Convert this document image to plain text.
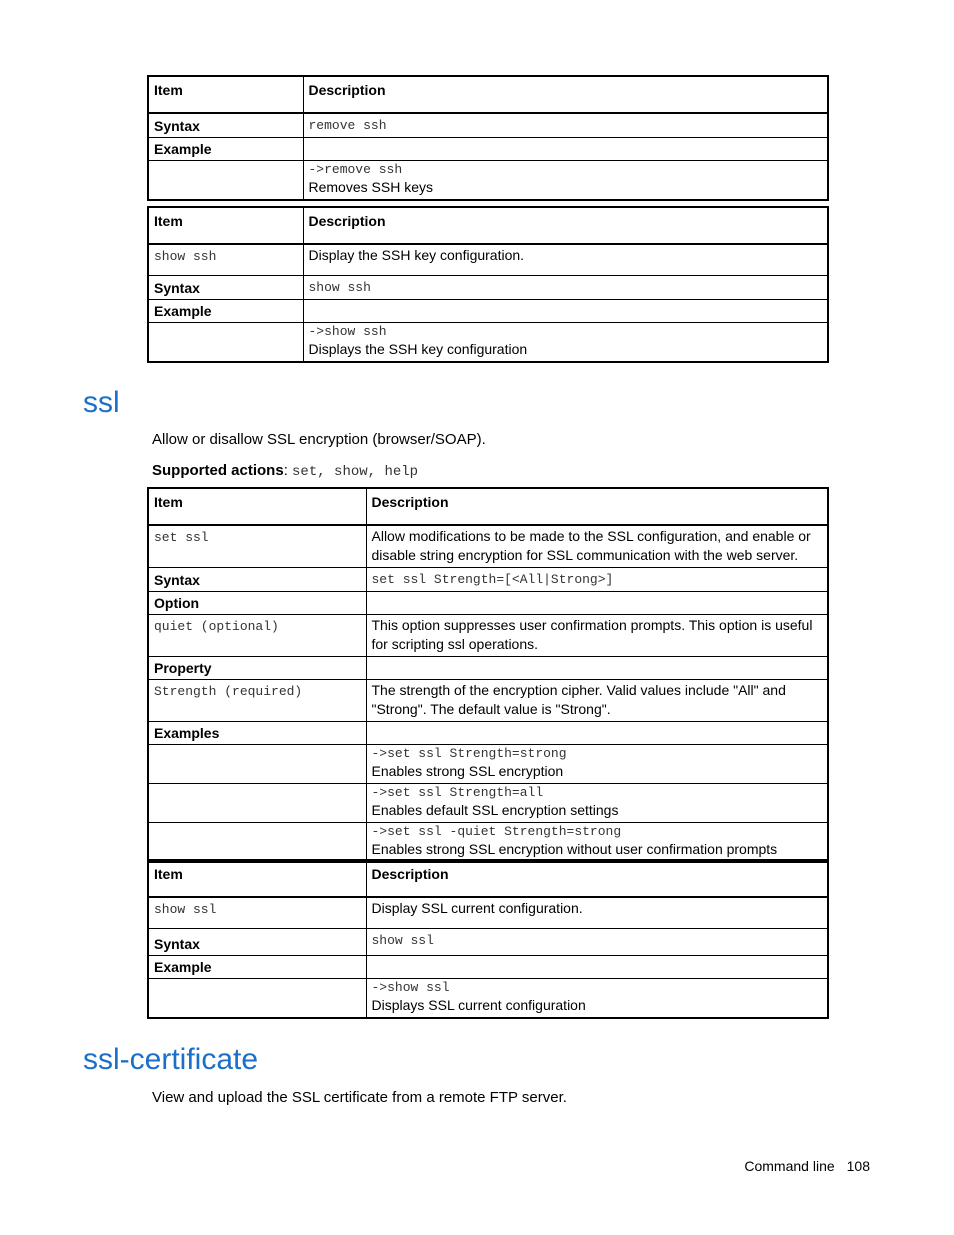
Item	Description
Syntax	remove ssh
Example	

	->remove ssh
Removes SSH keys
Item	Description
show ssh	Display the SSH key configuration.
Syntax	show ssh
Example	

	->show ssh
Displays the SSH key configuration
ssl

Allow or disallow SSL encryption (browser/SOAP).

Supported actions: set, show, help

Item	Description
set ssl	Allow modifications to be made to the SSL configuration, and enable or disable string encryption for SSL communication with the web server.
Syntax	set ssl Strength=[<All|Strong>]
Option	
quiet (optional)	This option suppresses user confirmation prompts. This option is useful for scripting ssl operations.
Property	
Strength (required)	The strength of the encryption cipher. Valid values include "All" and "Strong". The default value is "Strong".
Examples	

	->set ssl Strength=strong
Enables strong SSL encryption

	->set ssl Strength=all
Enables default SSL encryption settings

	->set ssl -quiet Strength=strong
Enables strong SSL encryption without user confirmation prompts
Item	Description
show ssl	Display SSL current configuration.
Syntax	show ssl
Example	

	->show ssl
Displays SSL current configuration
ssl-certificate

View and upload the SSL certificate from a remote FTP server.

Command line 108
